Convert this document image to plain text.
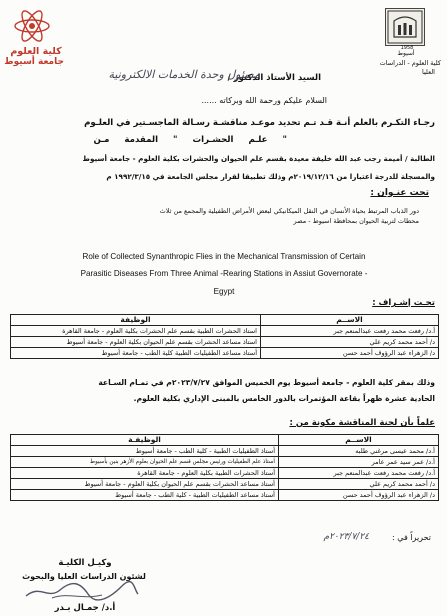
1958
أسيوط
كلية العلوم - الدراسات
العليا
كلية العلوم
جامعة أسيوط
السيد الأستاذ الدكتور /
مسئول وحدة الخدمات الالكترونية
السلام عليكم ورحمة الله وبركاته ......
رجـاء التكـرم بالعلم أنـة قـد تـم تحديد موعـد مناقشـة رسـالة الماجسـتير في العلـوم
" علـم الحشـرات " المقدمة مـن
الطالبة / أميمة رجب عبد الله خليفة معيدة بقسم علم الحيوان والحشرات بكلية العلوم - جامعة أسيوط
والمسجلة للدرجة اعتبارا من ٢٠١٩/١٢/١٦م وذلك تطبيقا لقرار مجلس الجامعة في ١٩٩٢/٣/١٥ م
تحت عنـوان :
دور الذباب المرتبط بحياة الأنسان في النقل الميكانيكي لبعض الأمراض الطفيلية والمجمع من ثلاث
محطات لتربية الحيوان بمحافظة اسيوط - مصر
Role of Collected Synanthropic Flies in the Mechanical Transmission of Certain
Parasitic Diseases From Three Animal -Rearing Stations in Assiut Governorate -
Egypt
تحـت إشـراف :
الاســم	الوظيفة
أ.د/ رفعت محمد رفعت عبدالمنعم جبر	استاذ الحشرات الطبية بقسم علم الحشرات بكلية العلوم - جامعة القاهرة
د/ أحمد محمد كريم علي	استاذ مساعد الحشرات بقسم علم الحيوان بكلية العلوم - جامعة أسيوط
د/ الزهراء عبد الرؤوف أحمد حسن	أستاذ مساعد الطفيليات الطبية كلية الطب - جامعة أسيوط
وذلك بمقر كلية العلوم - جامعة أسيوط يوم الخميس الموافق ٢٠٢٣/٧/٢٧م في تمـام السـاعة
الحادية عشرة ظهراً بقاعة المؤتمرات بالدور الخامس بالمبنى الإداري بكلية العلوم.
علماً بأن لجنة المناقشة مكونة من :
الاســم	الوظيفـة
أ.د/ محمد عيسى مرغني طلبه	أستاذ الطفيليات الطبية - كلية الطب - جامعة أسيوط
أ.د/ عمر سيد عمر عامر	أستاذ علم الطفيليات ورئيس مجلس قسم علم الحيوان بعلوم الأزهر بنين بأسيوط
أ.د/ رفعت محمد رفعت عبدالمنعم جبر	أستاذ الحشرات الطبية بكلية العلوم - جامعة القاهرة
د/ أحمد محمد كريم علي	أستاذ مساعد الحشرات بقسم علم الحيوان بكلية العلوم - جامعة أسيوط
د/ الزهراء عبد الرؤوف أحمد حسن	أستاذ مساعد الطفيليات الطبية - كلية الطب - جامعة أسيوط
تحريراً في :
٢٠٢٣/٧/٢٤م
وكيـل الكليـة
لشئون الدراسات العليا والبحوث
أ.د/ جمـال بـدر
